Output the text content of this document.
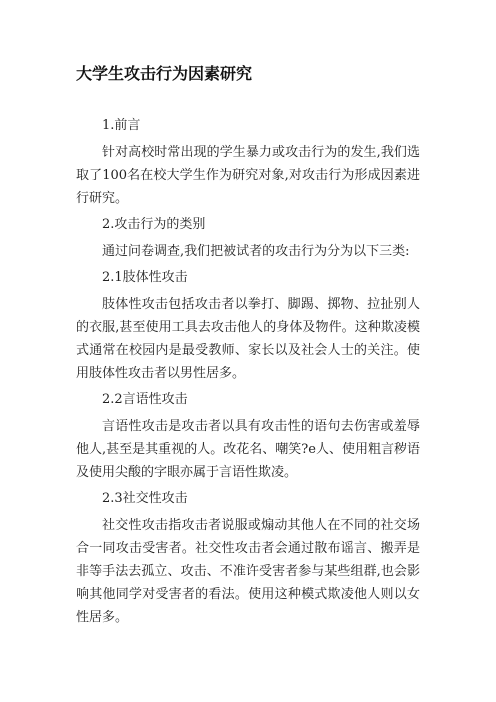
大学生攻击行为因素研究

1.前言

针对高校时常出现的学生暴力或攻击行为的发生,我们选取了100名在校大学生作为研究对象,对攻击行为形成因素进行研究。

2.攻击行为的类别

通过问卷调查,我们把被试者的攻击行为分为以下三类:

2.1肢体性攻击

肢体性攻击包括攻击者以拳打、脚踢、掷物、拉扯别人的衣服,甚至使用工具去攻击他人的身体及物件。这种欺凌模式通常在校园内是最受教师、家长以及社会人士的关注。使用肢体性攻击者以男性居多。

2.2言语性攻击

言语性攻击是攻击者以具有攻击性的语句去伤害或羞辱他人,甚至是其重视的人。改花名、嘲笑?e人、使用粗言秽语及使用尖酸的字眼亦属于言语性欺凌。

2.3社交性攻击

社交性攻击指攻击者说服或煽动其他人在不同的社交场合一同攻击受害者。社交性攻击者会通过散布谣言、搬弄是非等手法去孤立、攻击、不准许受害者参与某些组群,也会影响其他同学对受害者的看法。使用这种模式欺凌他人则以女性居多。
